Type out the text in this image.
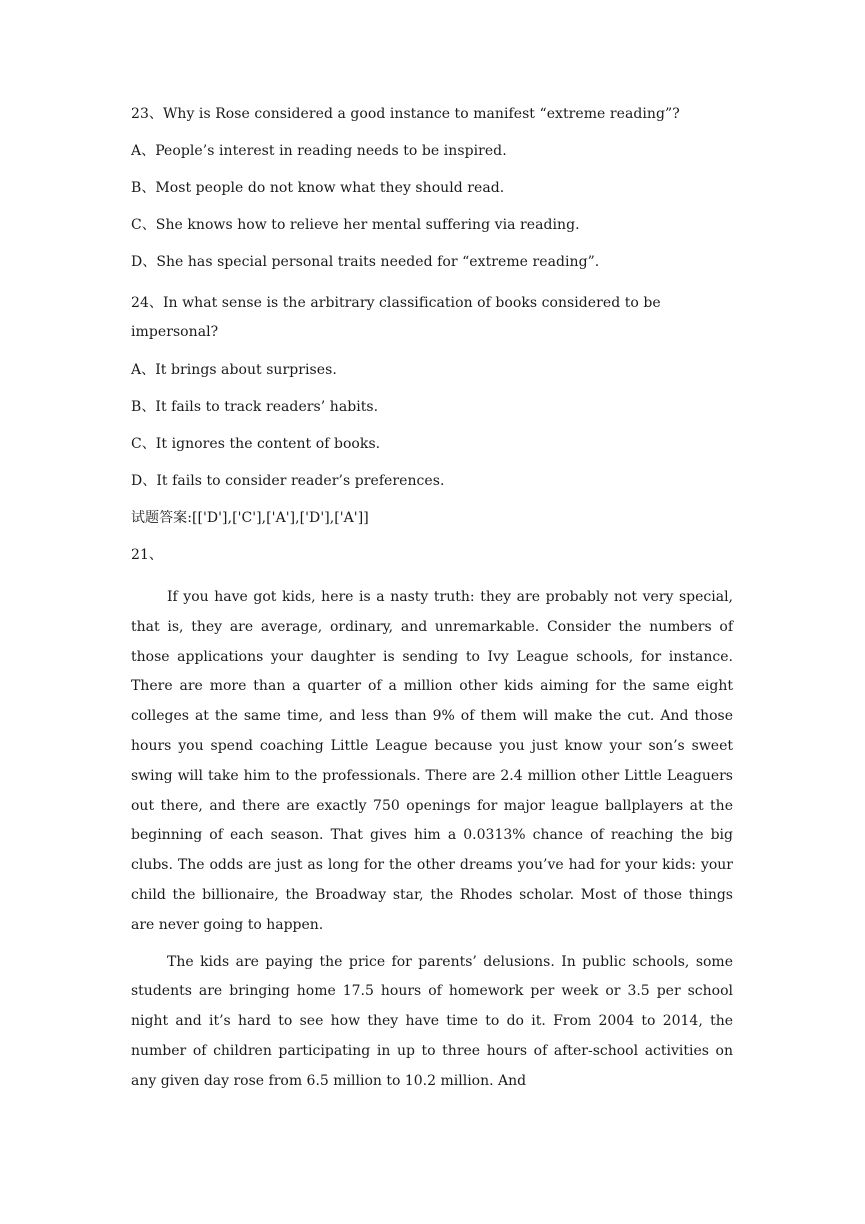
23、Why is Rose considered a good instance to manifest “extreme reading”?
A、People’s interest in reading needs to be inspired.
B、Most people do not know what they should read.
C、She knows how to relieve her mental suffering via reading.
D、She has special personal traits needed for “extreme reading”.
24、In what sense is the arbitrary classification of books considered to be impersonal?
A、It brings about surprises.
B、It fails to track readers’ habits.
C、It ignores the content of books.
D、It fails to consider reader’s preferences.
试题答案:[['D'],['C'],['A'],['D'],['A']]
21、

If you have got kids, here is a nasty truth: they are probably not very special, that is, they are average, ordinary, and unremarkable. Consider the numbers of those applications your daughter is sending to Ivy League schools, for instance. There are more than a quarter of a million other kids aiming for the same eight colleges at the same time, and less than 9% of them will make the cut. And those hours you spend coaching Little League because you just know your son’s sweet swing will take him to the professionals. There are 2.4 million other Little Leaguers out there, and there are exactly 750 openings for major league ballplayers at the beginning of each season. That gives him a 0.0313% chance of reaching the big clubs. The odds are just as long for the other dreams you’ve had for your kids: your child the billionaire, the Broadway star, the Rhodes scholar. Most of those things are never going to happen.

The kids are paying the price for parents’ delusions. In public schools, some students are bringing home 17.5 hours of homework per week or 3.5 per school night and it’s hard to see how they have time to do it. From 2004 to 2014, the number of children participating in up to three hours of after-school activities on any given day rose from 6.5 million to 10.2 million. And
